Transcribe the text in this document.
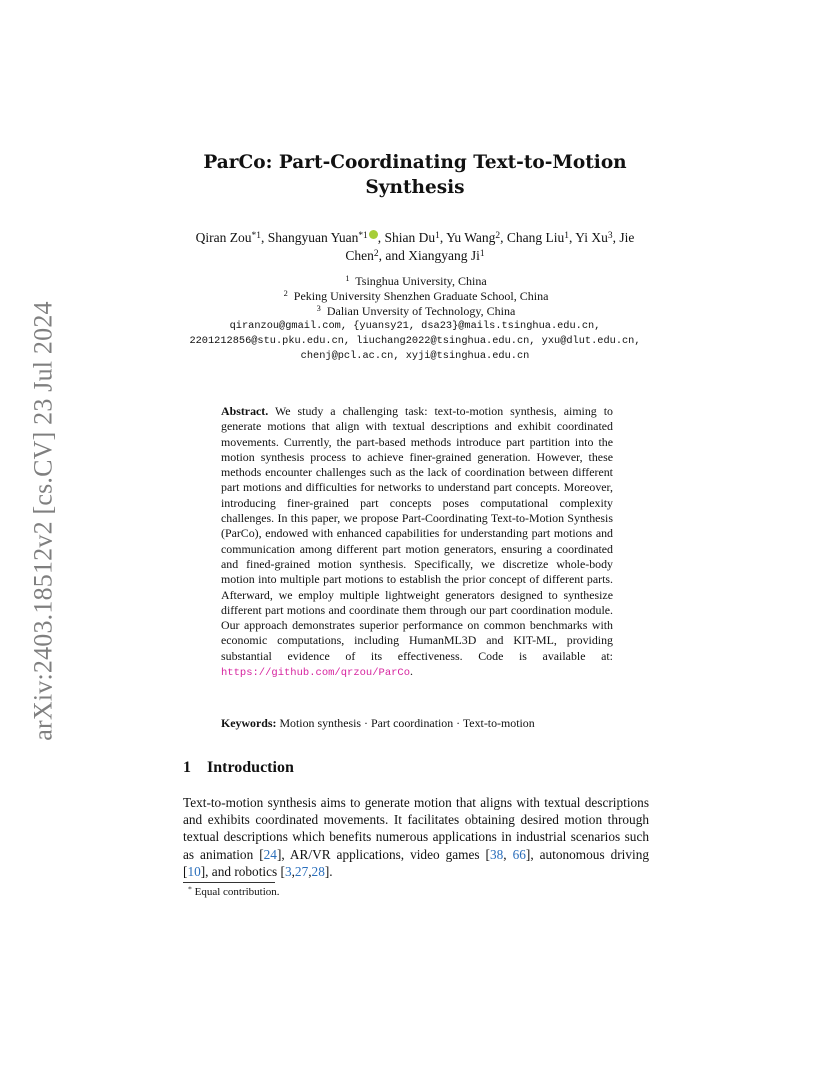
arXiv:2403.18512v2 [cs.CV] 23 Jul 2024
ParCo: Part-Coordinating Text-to-Motion
Synthesis
Qiran Zou$^{*1}$, Shangyuan Yuan$^{*1}$ , Shian Du$^1$, Yu Wang$^2$, Chang Liu$^1$, Yi Xu$^3$, Jie Chen$^2$, and Xiangyang Ji$^1$
$^1$ Tsinghua University, China
$^2$ Peking University Shenzhen Graduate School, China
$^3$ Dalian Unversity of Technology, China
qiranzou@gmail.com, {yuansy21, dsa23}@mails.tsinghua.edu.cn,
2201212856@stu.pku.edu.cn, liuchang2022@tsinghua.edu.cn, yxu@dlut.edu.cn,
chenj@pcl.ac.cn, xyji@tsinghua.edu.cn
Abstract. We study a challenging task: text-to-motion synthesis, aiming to generate motions that align with textual descriptions and exhibit coordinated movements. Currently, the part-based methods introduce part partition into the motion synthesis process to achieve finer-grained generation. However, these methods encounter challenges such as the lack of coordination between different part motions and difficulties for networks to understand part concepts. Moreover, introducing finer-grained part concepts poses computational complexity challenges. In this paper, we propose Part-Coordinating Text-to-Motion Synthesis (ParCo), endowed with enhanced capabilities for understanding part motions and communication among different part motion generators, ensuring a coordinated and fined-grained motion synthesis. Specifically, we discretize whole-body motion into multiple part motions to establish the prior concept of different parts. Afterward, we employ multiple lightweight generators designed to synthesize different part motions and coordinate them through our part coordination module. Our approach demonstrates superior performance on common benchmarks with economic computations, including HumanML3D and KIT-ML, providing substantial evidence of its effectiveness. Code is available at: https://github.com/qrzou/ParCo.
Keywords: Motion synthesis · Part coordination · Text-to-motion
1 Introduction
Text-to-motion synthesis aims to generate motion that aligns with textual descriptions and exhibits coordinated movements. It facilitates obtaining desired motion through textual descriptions which benefits numerous applications in industrial scenarios such as animation [24], AR/VR applications, video games [38, 66], autonomous driving [10], and robotics [3,27,28].
* Equal contribution.
